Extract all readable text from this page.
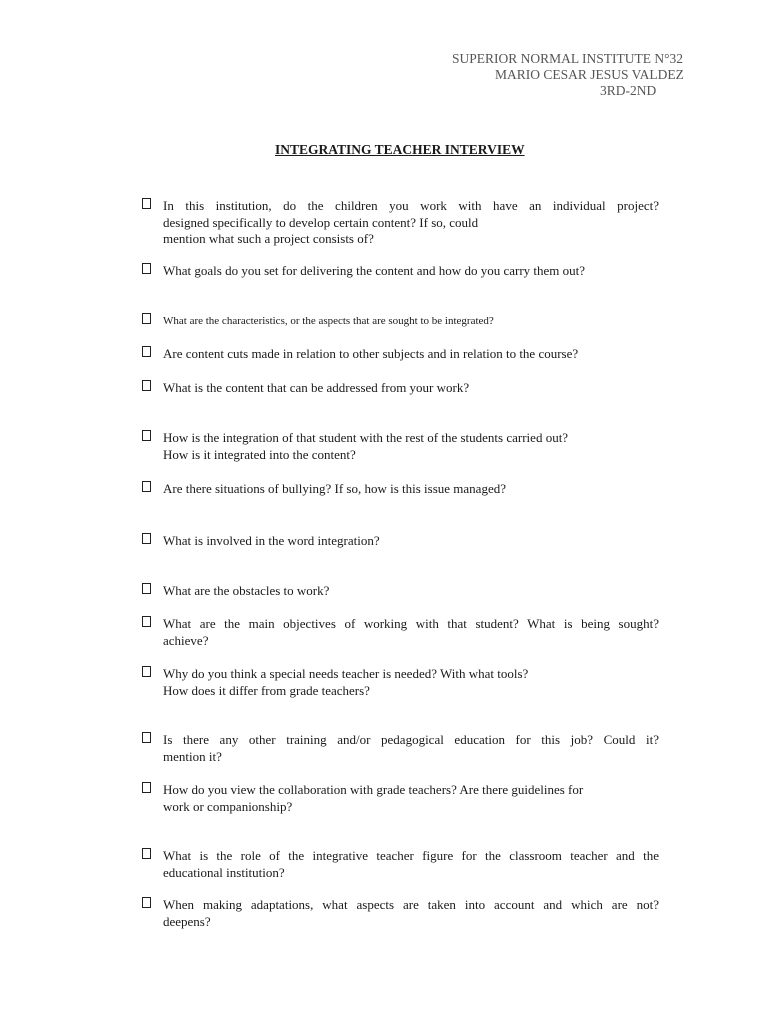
SUPERIOR NORMAL INSTITUTE N°32
MARIO CESAR JESUS VALDEZ
3RD-2ND
INTEGRATING TEACHER INTERVIEW
In this institution, do the children you work with have an individual project?
designed specifically to develop certain content? If so, could
mention what such a project consists of?
What goals do you set for delivering the content and how do you carry them out?
What are the characteristics, or the aspects that are sought to be integrated?
Are content cuts made in relation to other subjects and in relation to the course?
What is the content that can be addressed from your work?
How is the integration of that student with the rest of the students carried out?
How is it integrated into the content?
Are there situations of bullying? If so, how is this issue managed?
What is involved in the word integration?
What are the obstacles to work?
What are the main objectives of working with that student? What is being sought?
achieve?
Why do you think a special needs teacher is needed? With what tools?
How does it differ from grade teachers?
Is there any other training and/or pedagogical education for this job? Could it?
mention it?
How do you view the collaboration with grade teachers? Are there guidelines for
work or companionship?
What is the role of the integrative teacher figure for the classroom teacher and the
educational institution?
When making adaptations, what aspects are taken into account and which are not?
deepens?
